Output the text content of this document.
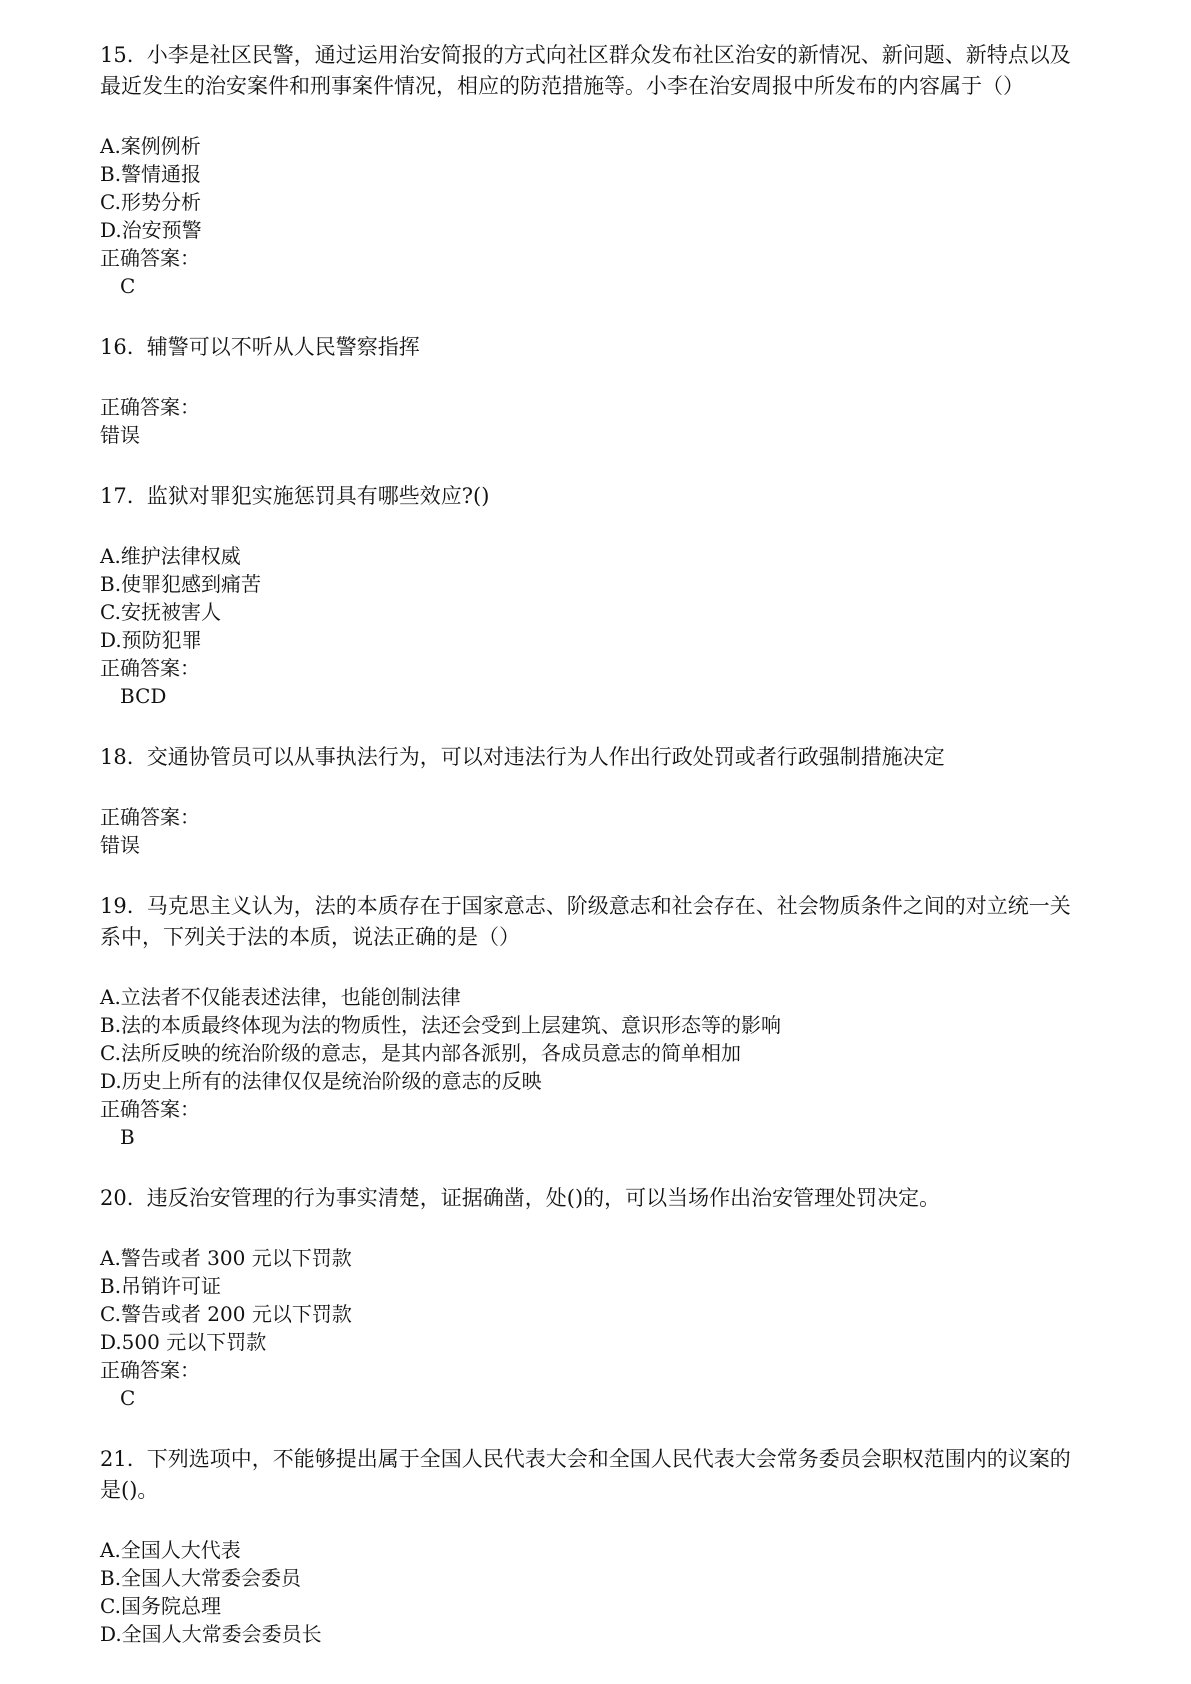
15. 小李是社区民警，通过运用治安简报的方式向社区群众发布社区治安的新情况、新问题、新特点以及最近发生的治安案件和刑事案件情况，相应的防范措施等。小李在治安周报中所发布的内容属于（）

A.案例例析

B.警情通报

C.形势分析

D.治安预警

正确答案：

C

16. 辅警可以不听从人民警察指挥

正确答案：

错误

17. 监狱对罪犯实施惩罚具有哪些效应?()

A.维护法律权威

B.使罪犯感到痛苦

C.安抚被害人

D.预防犯罪

正确答案：

BCD

18. 交通协管员可以从事执法行为，可以对违法行为人作出行政处罚或者行政强制措施决定

正确答案：

错误

19. 马克思主义认为，法的本质存在于国家意志、阶级意志和社会存在、社会物质条件之间的对立统一关系中，下列关于法的本质，说法正确的是（）

A.立法者不仅能表述法律，也能创制法律

B.法的本质最终体现为法的物质性，法还会受到上层建筑、意识形态等的影响

C.法所反映的统治阶级的意志，是其内部各派别，各成员意志的简单相加

D.历史上所有的法律仅仅是统治阶级的意志的反映

正确答案：

B

20. 违反治安管理的行为事实清楚，证据确凿，处()的，可以当场作出治安管理处罚决定。

A.警告或者 300 元以下罚款

B.吊销许可证

C.警告或者 200 元以下罚款

D.500 元以下罚款

正确答案：

C

21. 下列选项中，不能够提出属于全国人民代表大会和全国人民代表大会常务委员会职权范围内的议案的是()。

A.全国人大代表

B.全国人大常委会委员

C.国务院总理

D.全国人大常委会委员长
